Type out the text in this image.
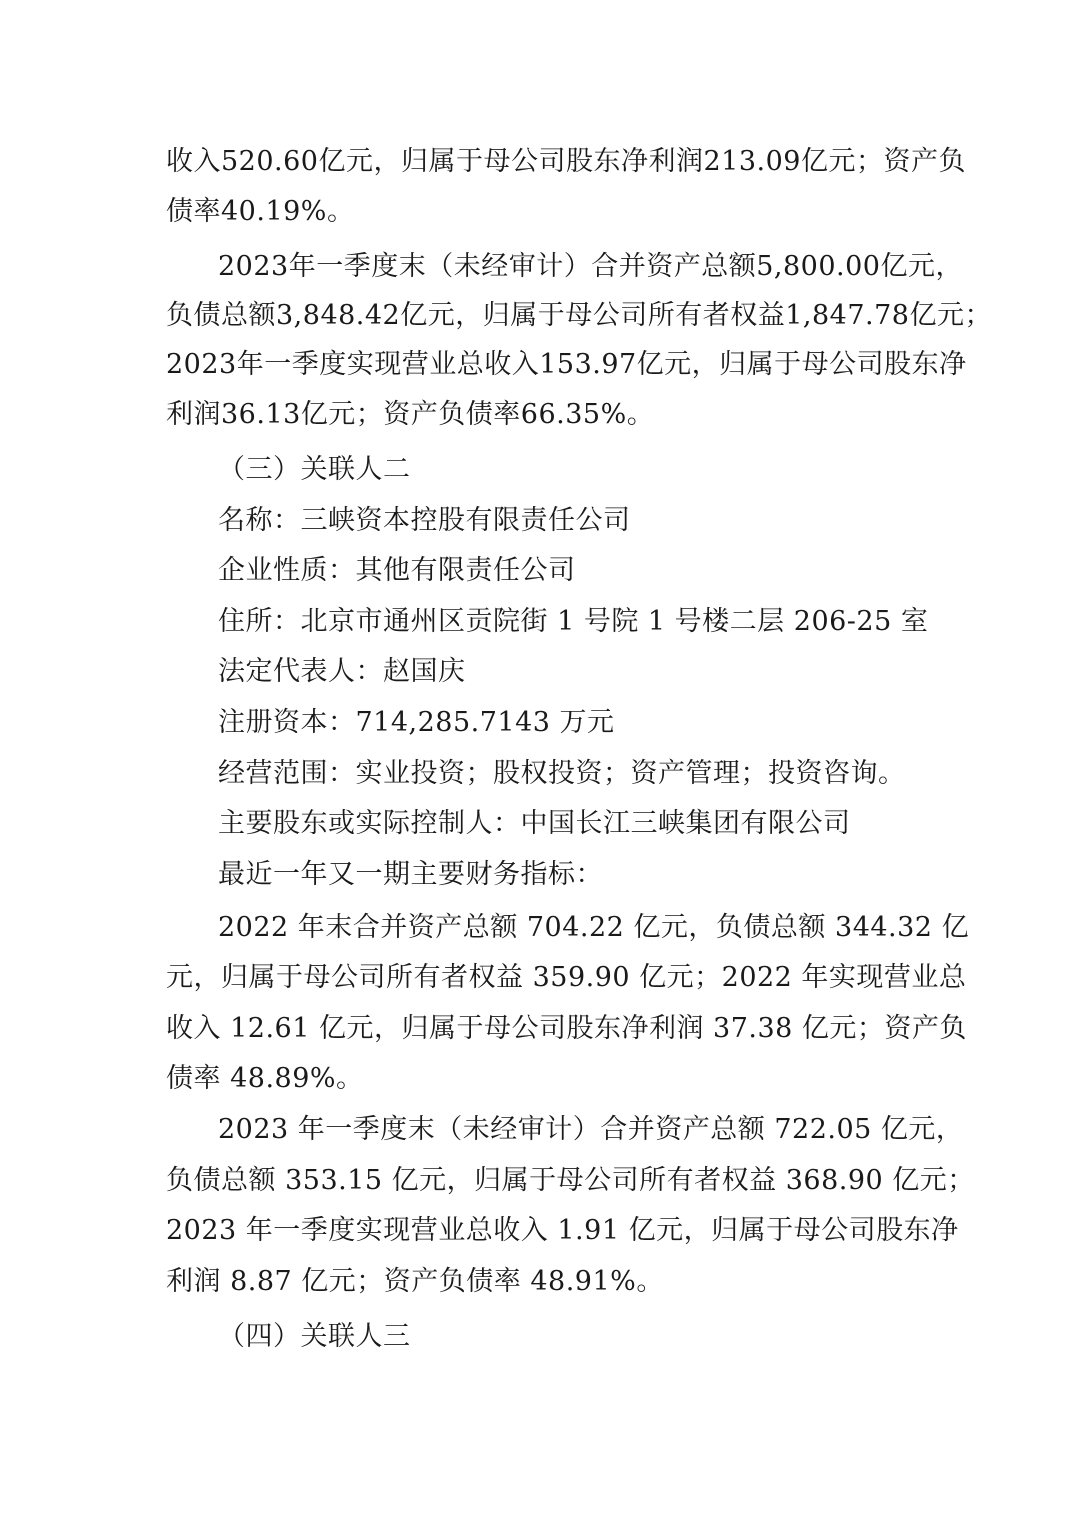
收入520.60亿元，归属于母公司股东净利润213.09亿元；资产负
债率40.19%。
2023年一季度末（未经审计）合并资产总额5,800.00亿元，
负债总额3,848.42亿元，归属于母公司所有者权益1,847.78亿元；
2023年一季度实现营业总收入153.97亿元，归属于母公司股东净
利润36.13亿元；资产负债率66.35%。
（三）关联人二
名称：三峡资本控股有限责任公司
企业性质：其他有限责任公司
住所：北京市通州区贡院街 1 号院 1 号楼二层 206-25 室
法定代表人：赵国庆
注册资本：714,285.7143 万元
经营范围：实业投资；股权投资；资产管理；投资咨询。
主要股东或实际控制人：中国长江三峡集团有限公司
最近一年又一期主要财务指标：
2022 年末合并资产总额 704.22 亿元，负债总额 344.32 亿
元，归属于母公司所有者权益 359.90 亿元；2022 年实现营业总
收入 12.61 亿元，归属于母公司股东净利润 37.38 亿元；资产负
债率 48.89%。
2023 年一季度末（未经审计）合并资产总额 722.05 亿元，
负债总额 353.15 亿元，归属于母公司所有者权益 368.90 亿元；
2023 年一季度实现营业总收入 1.91 亿元，归属于母公司股东净
利润 8.87 亿元；资产负债率 48.91%。
（四）关联人三
